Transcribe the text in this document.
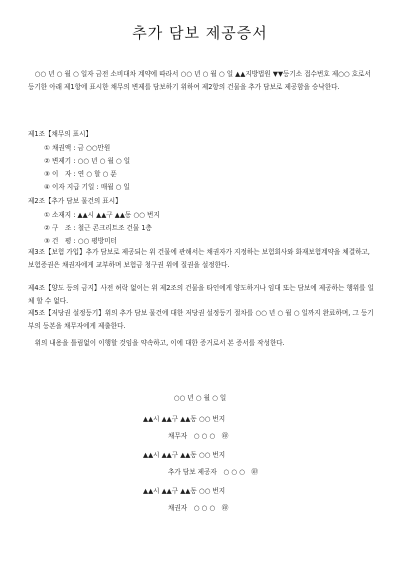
추가 담보 제공증서
　○○ 년 ○ 월 ○ 일자 금전 소비대차 계약에 따라서 ○○ 년 ○ 월 ○ 일 ▲▲지방법원 ▼▼등기소 접수번호 제○○ 호로서 등기한 아래 제1항에 표시한 채무의 변제를 담보하기 위하여 제2항의 건물을 추가 담보로 제공함을 승낙한다.
제1조【채무의 표시】
① 채권액 : 금 ○○만원
② 변제기 : ○○ 년 ○ 월 ○ 일
③ 이　자 : 연 ○ 할 ○ 푼
④ 이자 지급 기일 : 매월 ○ 일
제2조【추가 담보 물건의 표시】
① 소재지 : ▲▲시 ▲▲구 ▲▲동 ○○ 번지
② 구　조 : 철근 콘크리트조 건물 1층
③ 건　평 : ○○ 평방미터
제3조【보험 가입】추가 담보로 제공되는 위 건물에 관해서는 채권자가 지정하는 보험회사와 화재보험계약을 체결하고, 보험증권은 채권자에게 교부하며 보험금 청구권 위에 질권을 설정한다.
제4조【양도 등의 금지】사전 허락 없이는 위 제2조의 건물을 타인에게 양도하거나 임대 또는 담보에 제공하는 행위를 일체 할 수 없다.
제5조【저당권 설정등기】위의 추가 담보 물건에 대한 저당권 설정등기 절차를 ○○ 년 ○ 월 ○ 일까지 완료하며, 그 등기부의 등본을 채무자에게 제출한다.
　위의 내용을 틀림없이 이행할 것임을 약속하고, 이에 대한 증거로서 본 증서를 작성한다.
○○ 년 ○ 월 ○ 일
▲▲시 ▲▲구 ▲▲동 ○○ 번지
채무자　○ ○ ○　㊞
▲▲시 ▲▲구 ▲▲동 ○○ 번지
추가 담보 제공자　○ ○ ○　㊞
▲▲시 ▲▲구 ▲▲동 ○○ 번지
채권자　○ ○ ○　㊞
